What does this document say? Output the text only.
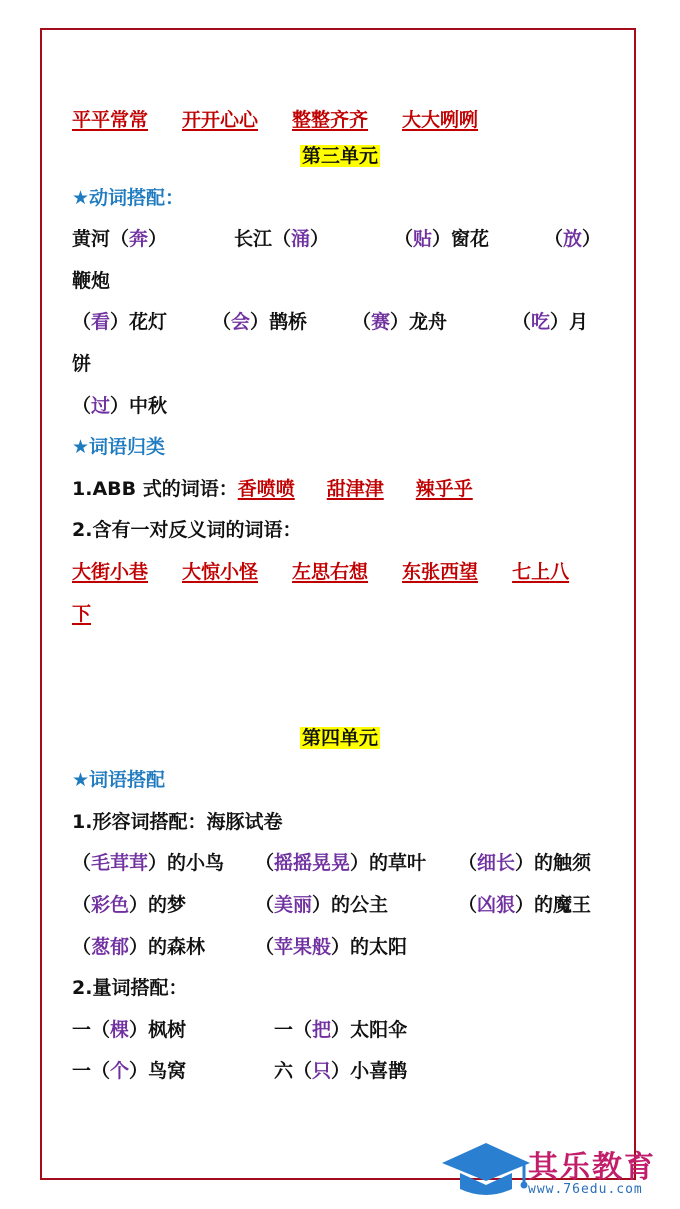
平平常常 开开心心 整整齐齐 大大咧咧
第三单元
★动词搭配：
黄河（奔）	长江（涌）	（贴）窗花	（放）
鞭炮
（看）花灯 （会）鹊桥 （赛）龙舟	（吃）月
饼
（过）中秋
★词语归类
1.ABB 式的词语：香喷喷 甜津津 辣乎乎
2.含有一对反义词的词语：
大街小巷 大惊小怪 左思右想 东张西望 七上八
下
第四单元
★词语搭配
1.形容词搭配：海豚试卷
（毛茸茸）的小鸟 （摇摇晃晃）的草叶 （细长）的触须
（彩色）的梦	（美丽）的公主	（凶狠）的魔王
（葱郁）的森林	（苹果般）的太阳
2.量词搭配：
一（棵）枫树	一（把）太阳伞
一（个）鸟窝	六（只）小喜鹊
其乐教育
www.76edu.com
